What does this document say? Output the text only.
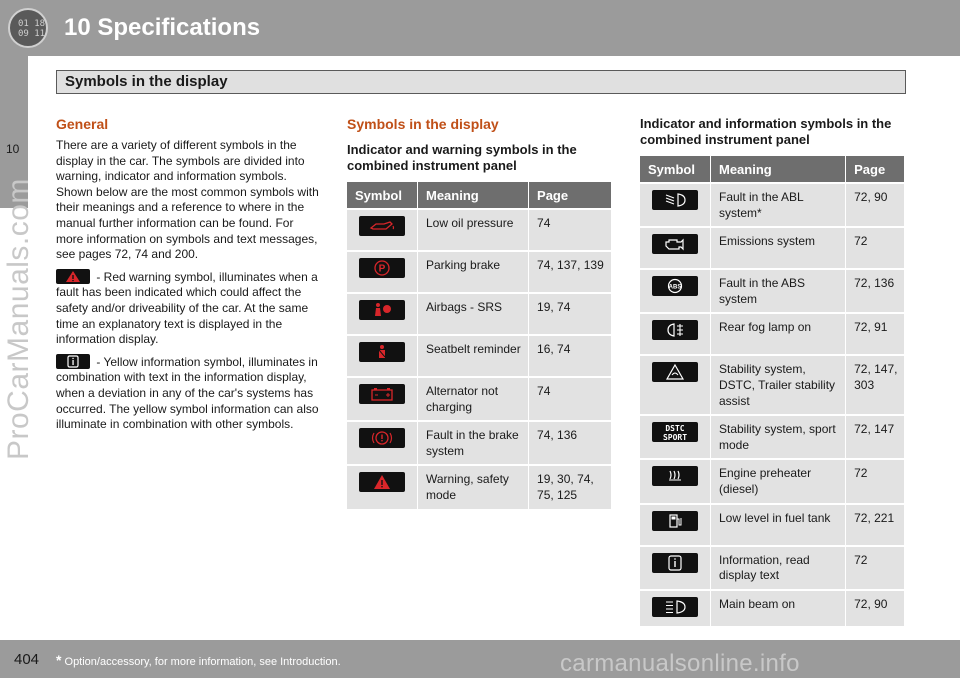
01 18
09 11 10 Specifications
10
ProCarManuals.com
Symbols in the display
General

There are a variety of different symbols in the display in the car. The symbols are divided into warning, indicator and information symbols. Shown below are the most common symbols with their meanings and a reference to where in the manual further information can be found. For more information on symbols and text messages, see pages 72, 74 and 200.

- Red warning symbol, illuminates when a fault has been indicated which could affect the safety and/or driveability of the car. At the same time an explanatory text is displayed in the information display.

- Yellow information symbol, illuminates in combination with text in the information display, when a deviation in any of the car's systems has occurred. The yellow symbol information can also illuminate in combination with other symbols.

Symbols in the display
Indicator and warning symbols in the combined instrument panel
Symbol	Meaning	Page

	Low oil pressure	74

P	Parking brake	74, 137, 139

	Airbags - SRS	19, 74

	Seatbelt reminder	16, 74

	Alternator not charging	74

	Fault in the brake system	74, 136

	Warning, safety mode	19, 30, 74, 75, 125
Indicator and information symbols in the combined instrument panel
Symbol	Meaning	Page

	Fault in the ABL system*	72, 90

	Emissions system	72

ABS	Fault in the ABS system	72, 136

	Rear fog lamp on	72, 91

	Stability system, DSTC, Trailer stability assist	72, 147, 303

DSTC
SPORT	Stability system, sport mode	72, 147

	Engine preheater (diesel)	72

	Low level in fuel tank	72, 221

	Information, read display text	72

	Main beam on	72, 90
404 * Option/accessory, for more information, see Introduction.	carmanualsonline.info
